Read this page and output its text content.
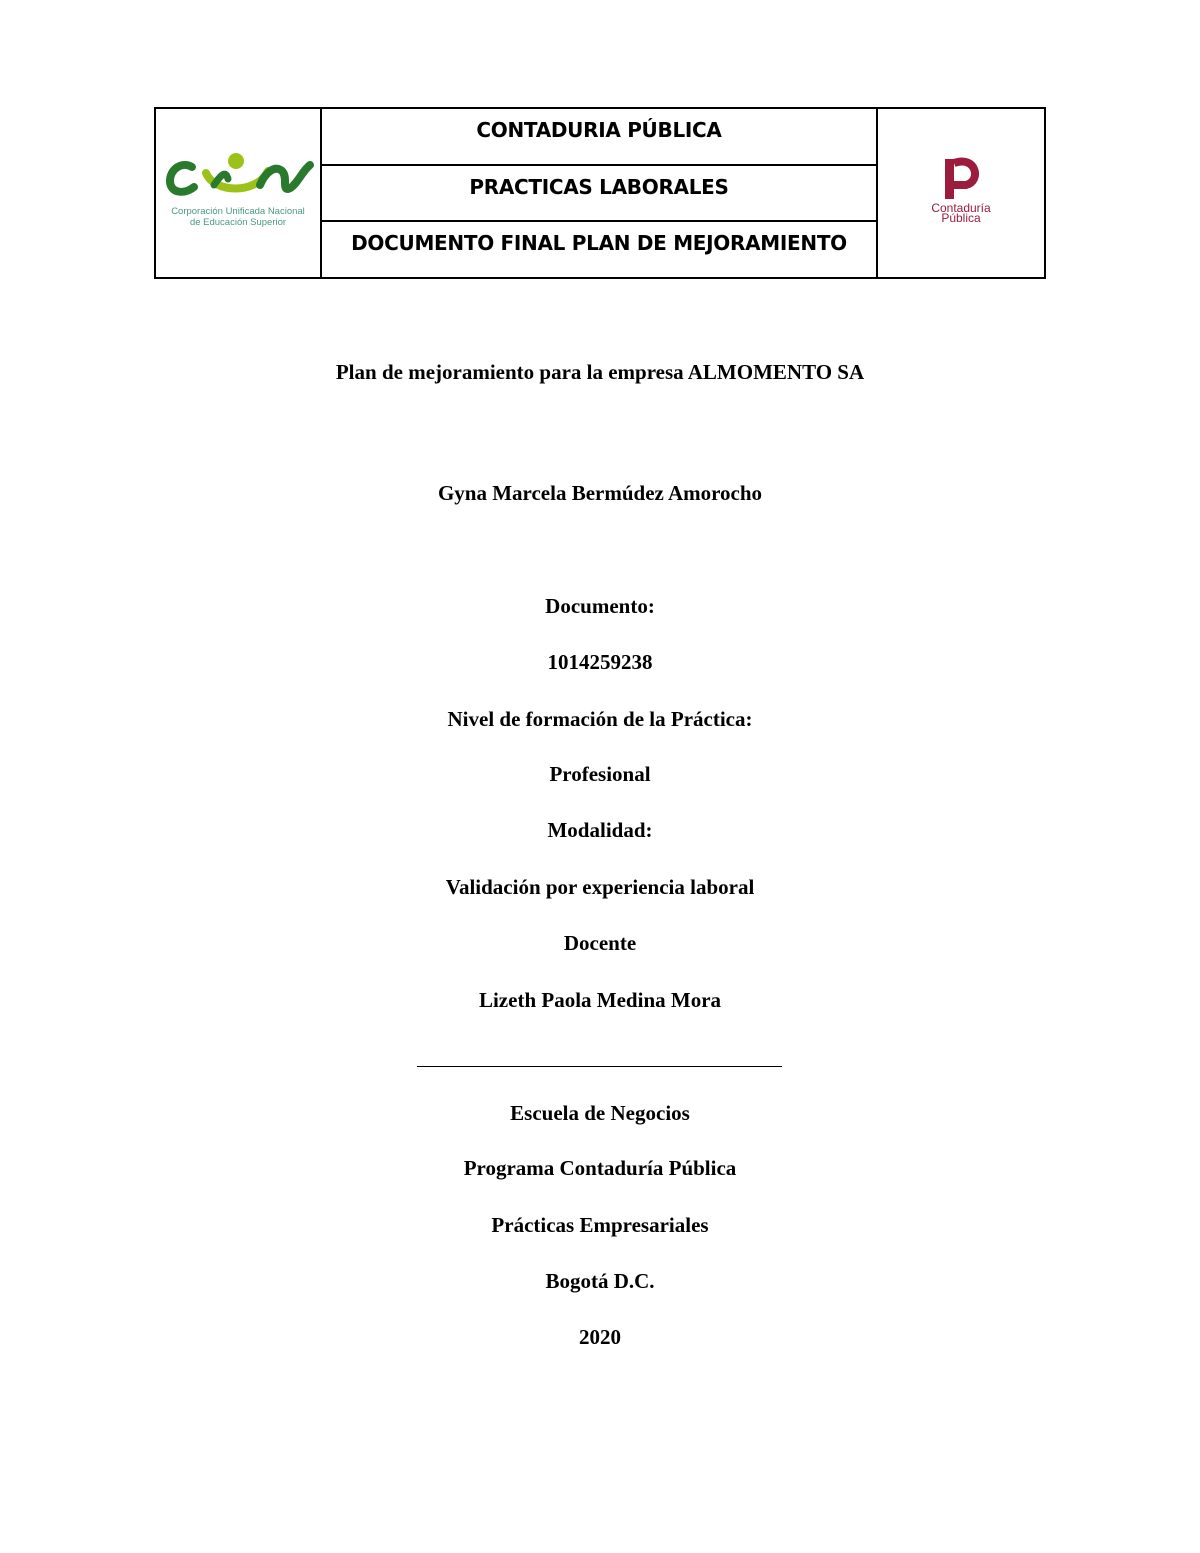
Corporación Unificada Nacional
de Educación Superior
CONTADURIA PÚBLICA
PRACTICAS LABORALES
DOCUMENTO FINAL PLAN DE MEJORAMIENTO
Contaduría
Pública
Plan de mejoramiento para la empresa ALMOMENTO SA
Gyna Marcela Bermúdez Amorocho
Documento:
1014259238
Nivel de formación de la Práctica:
Profesional
Modalidad:
Validación por experiencia laboral
Docente
Lizeth Paola Medina Mora
Escuela de Negocios
Programa Contaduría Pública
Prácticas Empresariales
Bogotá D.C.
2020
